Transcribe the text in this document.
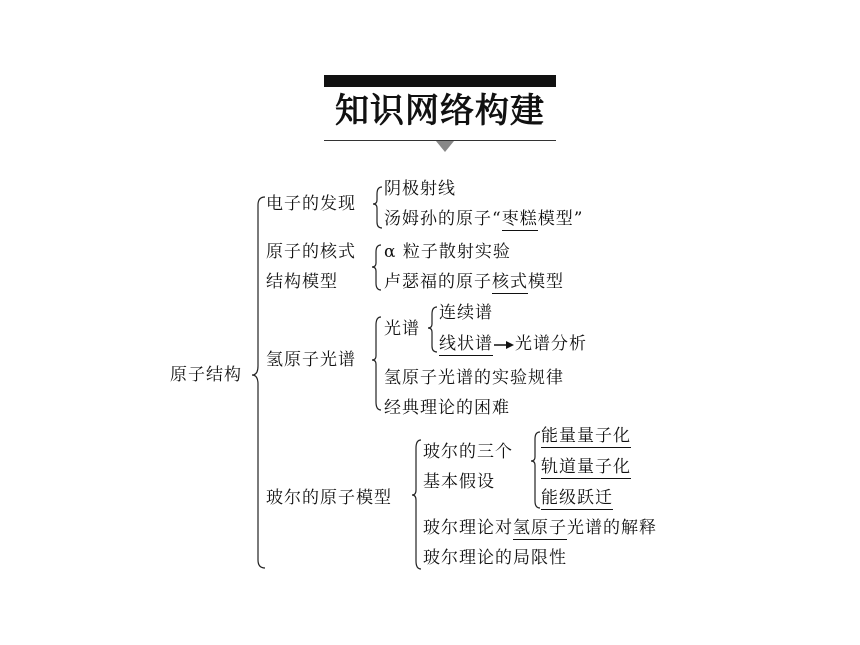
知识网络构建
原子结构
电子的发现
阴极射线
汤姆孙的原子“枣糕模型”
原子的核式
结构模型
α 粒子散射实验
卢瑟福的原子核式模型
氢原子光谱
光谱
连续谱
线状谱 光谱分析
氢原子光谱的实验规律
经典理论的困难
玻尔的原子模型
玻尔的三个
基本假设
能量量子化
轨道量子化
能级跃迁
玻尔理论对氢原子光谱的解释
玻尔理论的局限性
